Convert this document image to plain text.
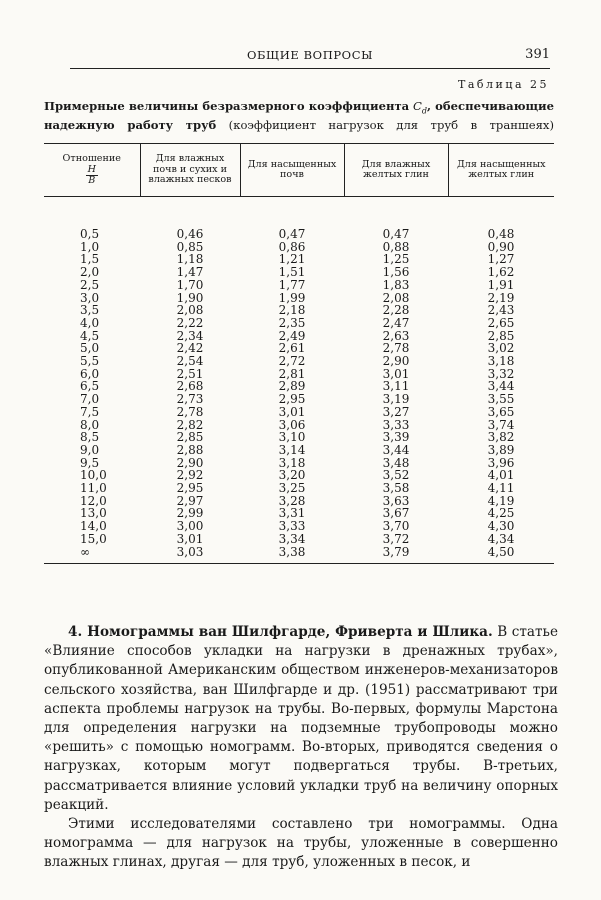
ОБЩИЕ ВОПРОСЫ	391
Таблица 25
Примерные величины безразмерного коэффициента $C_d$, обеспечивающие надежную работу труб (коэффициент нагрузок для труб в траншеях)
Отношение
$\frac{H}{B}$	Для влажных почв и сухих и влажных песков	Для насыщенных почв	Для влажных желтых глин	Для насыщенных желтых глин

0,5	0,46	0,47	0,47	0,48
1,0	0,85	0,86	0,88	0,90
1,5	1,18	1,21	1,25	1,27
2,0	1,47	1,51	1,56	1,62
2,5	1,70	1,77	1,83	1,91
3,0	1,90	1,99	2,08	2,19
3,5	2,08	2,18	2,28	2,43
4,0	2,22	2,35	2,47	2,65
4,5	2,34	2,49	2,63	2,85
5,0	2,42	2,61	2,78	3,02
5,5	2,54	2,72	2,90	3,18
6,0	2,51	2,81	3,01	3,32
6,5	2,68	2,89	3,11	3,44
7,0	2,73	2,95	3,19	3,55
7,5	2,78	3,01	3,27	3,65
8,0	2,82	3,06	3,33	3,74
8,5	2,85	3,10	3,39	3,82
9,0	2,88	3,14	3,44	3,89
9,5	2,90	3,18	3,48	3,96
10,0	2,92	3,20	3,52	4,01
11,0	2,95	3,25	3,58	4,11
12,0	2,97	3,28	3,63	4,19
13,0	2,99	3,31	3,67	4,25
14,0	3,00	3,33	3,70	4,30
15,0	3,01	3,34	3,72	4,34
∞	3,03	3,38	3,79	4,50

4. Номограммы ван Шилфгарде, Фриверта и Шлика. В статье «Влияние способов укладки на нагрузки в дренажных трубах», опубликованной Американским обществом инженеров-механизаторов сельского хозяйства, ван Шилфгарде и др. (1951) рассматривают три аспекта проблемы нагрузок на трубы. Во-первых, формулы Марстона для определения нагрузки на подземные трубопроводы можно «решить» с помощью номограмм. Во-вторых, приводятся сведения о нагрузках, которым могут подвергаться трубы. В-третьих, рассматривается влияние условий укладки труб на величину опорных реакций.

Этими исследователями составлено три номограммы. Одна номограмма — для нагрузок на трубы, уложенные в совершенно влажных глинах, другая — для труб, уложенных в песок, и
